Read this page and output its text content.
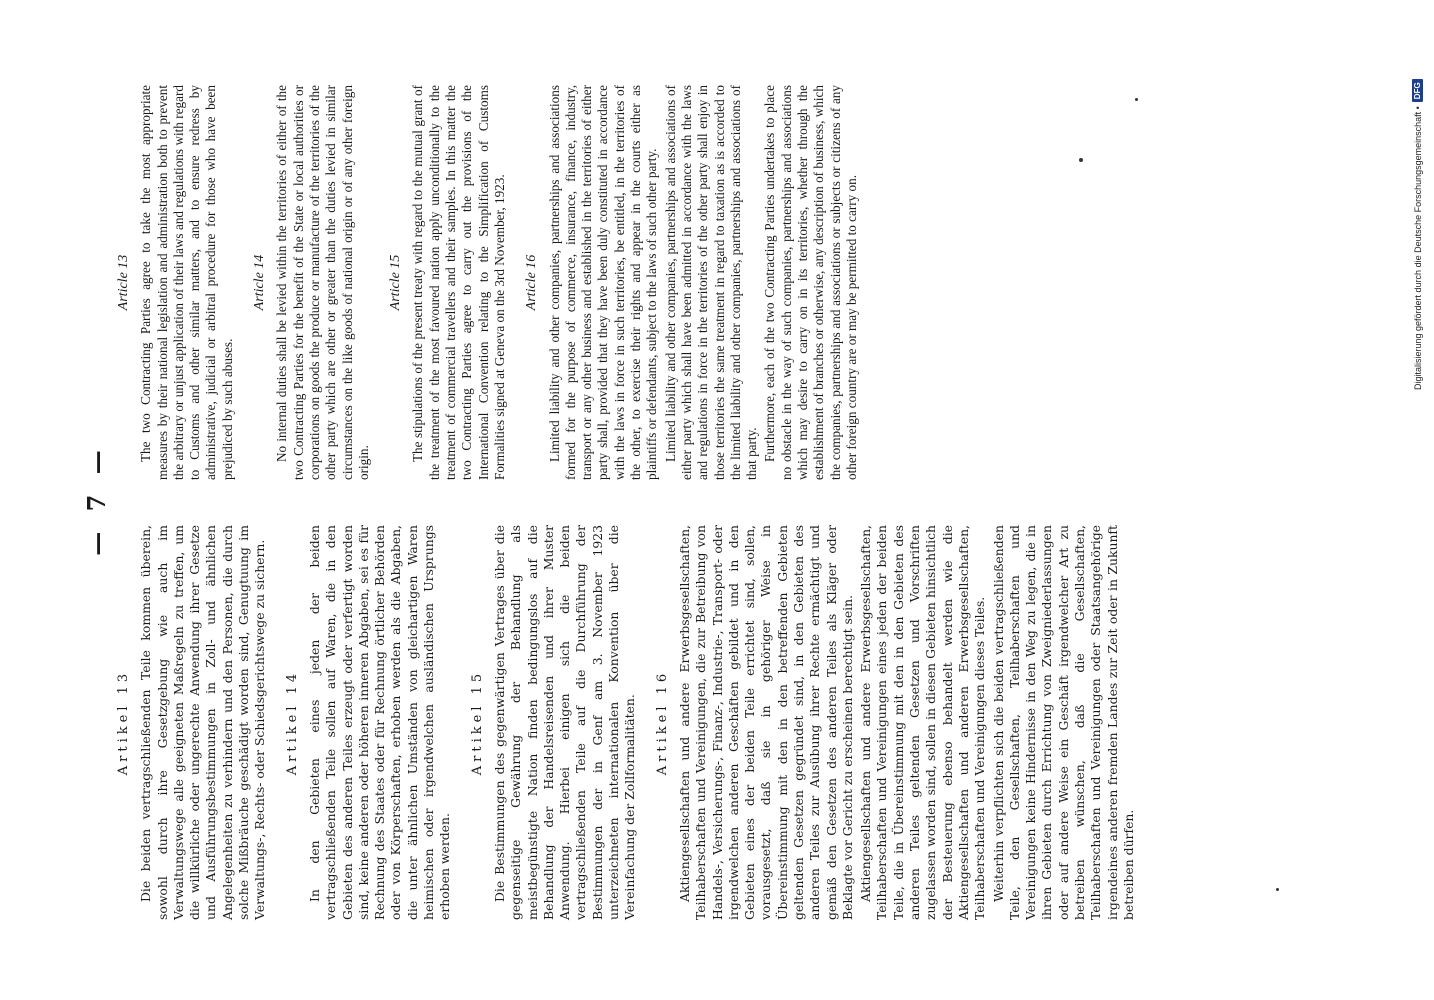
— 7 —
Artikel 13 Die beiden vertragschließenden Teile kommen überein, sowohl durch ihre Gesetzgebung wie auch im Verwaltungswege alle geeigneten Maßregeln zu treffen, um die willkürliche oder ungerechte Anwendung ihrer Gesetze und Ausführungsbestimmungen in Zoll- und ähnlichen Angelegenheiten zu verhindern und den Personen, die durch solche Mißbräuche geschädigt worden sind, Genugtuung im Verwaltungs-, Rechts- oder Schiedsgerichtswege zu sichern. Artikel 14 In den Gebieten eines jeden der beiden vertragschließenden Teile sollen auf Waren, die in den Gebieten des anderen Teiles erzeugt oder verfertigt worden sind, keine anderen oder höheren inneren Abgaben, sei es für Rechnung des Staates oder für Rechnung örtlicher Behörden oder von Körperschaften, erhoben werden als die Abgaben, die unter ähnlichen Umständen von gleichartigen Waren heimischen oder irgendwelchen ausländischen Ursprungs erhoben werden.

Artikel 15 Die Bestimmungen des gegenwärtigen Vertrages über die gegenseitige Gewährung der Behandlung als meistbegünstigte Nation finden bedingungslos auf die Behandlung der Handelsreisenden und ihrer Muster Anwendung. Hierbei einigen sich die beiden vertragschließenden Teile auf die Durchführung der Bestimmungen der in Genf am 3. November 1923 unterzeichneten internationalen Konvention über die Vereinfachung der Zollformalitäten. Artikel 16 Aktiengesellschaften und andere Erwerbsgesellschaften, Teilhaberschaften und Vereinigungen, die zur Betreibung von Handels-, Versicherungs-, Finanz-, Industrie-, Transport- oder irgendwelchen anderen Geschäften gebildet und in den Gebieten eines der beiden Teile errichtet sind, sollen, vorausgesetzt, daß sie in gehöriger Weise in Übereinstimmung mit den in den betreffenden Gebieten geltenden Gesetzen gegründet sind, in den Gebieten des anderen Teiles zur Ausübung ihrer Rechte ermächtigt und gemäß den Gesetzen des anderen Teiles als Kläger oder Beklagte vor Gericht zu erscheinen berechtigt sein. Aktiengesellschaften und andere Erwerbsgesellschaften, Teilhaberschaften und Vereinigungen eines jeden der beiden Teile, die in Übereinstimmung mit den in den Gebieten des anderen Teiles geltenden Gesetzen und Vorschriften zugelassen worden sind, sollen in diesen Gebieten hinsichtlich der Besteuerung ebenso behandelt werden wie die Aktiengesellschaften und anderen Erwerbsgesellschaften, Teilhaberschaften und Vereinigungen dieses Teiles. Weiterhin verpflichten sich die beiden vertragschließenden Teile, den Gesellschaften, Teilhaberschaften und Vereinigungen keine Hindernisse in den Weg zu legen, die in ihren Gebieten durch Errichtung von Zweigniederlassungen oder auf andere Weise ein Geschäft irgendwelcher Art zu betreiben wünschen, daß die Gesellschaften, Teilhaberschaften und Vereinigungen oder Staatsangehörige irgendeines anderen fremden Landes zur Zeit oder in Zukunft betreiben dürfen.

Article 13 The two Contracting Parties agree to take the most appropriate measures by their national legislation and administration both to prevent the arbitrary or unjust application of their laws and regulations with regard to Customs and other similar matters, and to ensure redress by administrative, judicial or arbitral procedure for those who have been prejudiced by such abuses.

Article 14 No internal duties shall be levied within the territories of either of the two Contracting Parties for the benefit of the State or local authorities or corporations on goods the produce or manufacture of the territories of the other party which are other or greater than the duties levied in similar circumstances on the like goods of national origin or of any other foreign origin.

Article 15 The stipulations of the present treaty with regard to the mutual grant of the treatment of the most favoured nation apply unconditionally to the treatment of commercial travellers and their samples. In this matter the two Contracting Parties agree to carry out the provisions of the International Convention relating to the Simplification of Customs Formalities signed at Geneva on the 3rd November, 1923. Article 16 Limited liability and other companies, partnerships and associations formed for the purpose of commerce, insurance, finance, industry, transport or any other business and established in the territories of either party shall, provided that they have been duly constituted in accordance with the laws in force in such territories, be entitled, in the territories of the other, to exercise their rights and appear in the courts either as plaintiffs or defendants, subject to the laws of such other party. Limited liability and other companies, partnerships and associations of either party which shall have been admitted in accordance with the laws and regulations in force in the territories of the other party shall enjoy in those territories the same treatment in regard to taxation as is accorded to the limited liability and other companies, partnerships and associations of that party. Furthermore, each of the two Contracting Parties undertakes to place no obstacle in the way of such companies, partnerships and associations which may desire to carry on in its territories, whether through the establishment of branches or otherwise, any description of business, which the companies, partnerships and associations or subjects or citizens of any other foreign country are or may be permitted to carry on.	Digitalisierung gefördert durch die Deutsche Forschungsgemeinschaft •
DFG
